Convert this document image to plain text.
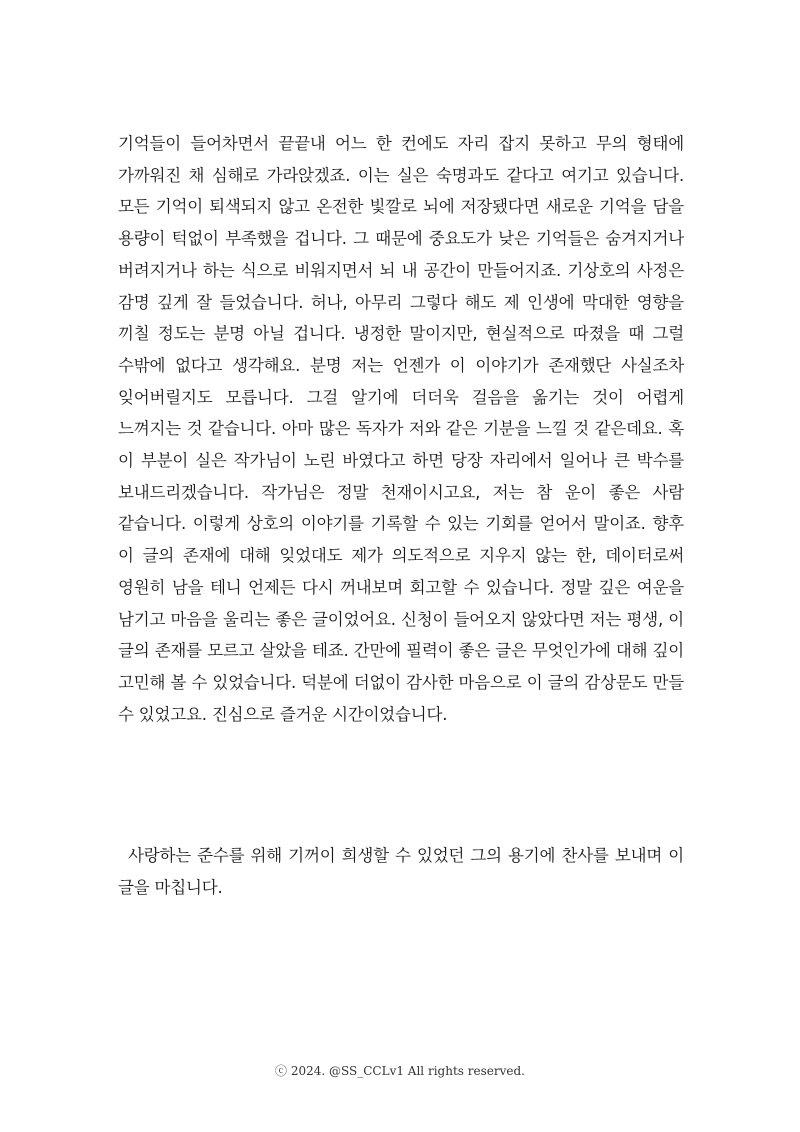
기억들이 들어차면서 끝끝내 어느 한 컨에도 자리 잡지 못하고 무의 형태에 가까워진 채 심해로 가라앉겠죠. 이는 실은 숙명과도 같다고 여기고 있습니다. 모든 기억이 퇴색되지 않고 온전한 빛깔로 뇌에 저장됐다면 새로운 기억을 담을 용량이 턱없이 부족했을 겁니다. 그 때문에 중요도가 낮은 기억들은 숨겨지거나 버려지거나 하는 식으로 비워지면서 뇌 내 공간이 만들어지죠. 기상호의 사정은 감명 깊게 잘 들었습니다. 허나, 아무리 그렇다 해도 제 인생에 막대한 영향을 끼칠 정도는 분명 아닐 겁니다. 냉정한 말이지만, 현실적으로 따졌을 때 그럴 수밖에 없다고 생각해요. 분명 저는 언젠가 이 이야기가 존재했단 사실조차 잊어버릴지도 모릅니다. 그걸 알기에 더더욱 걸음을 옮기는 것이 어렵게 느껴지는 것 같습니다. 아마 많은 독자가 저와 같은 기분을 느낄 것 같은데요. 혹 이 부분이 실은 작가님이 노린 바였다고 하면 당장 자리에서 일어나 큰 박수를 보내드리겠습니다. 작가님은 정말 천재이시고요, 저는 참 운이 좋은 사람 같습니다. 이렇게 상호의 이야기를 기록할 수 있는 기회를 얻어서 말이죠. 향후 이 글의 존재에 대해 잊었대도 제가 의도적으로 지우지 않는 한, 데이터로써 영원히 남을 테니 언제든 다시 꺼내보며 회고할 수 있습니다. 정말 깊은 여운을 남기고 마음을 울리는 좋은 글이었어요. 신청이 들어오지 않았다면 저는 평생, 이 글의 존재를 모르고 살았을 테죠. 간만에 필력이 좋은 글은 무엇인가에 대해 깊이 고민해 볼 수 있었습니다. 덕분에 더없이 감사한 마음으로 이 글의 감상문도 만들 수 있었고요. 진심으로 즐거운 시간이었습니다.

사랑하는 준수를 위해 기꺼이 희생할 수 있었던 그의 용기에 찬사를 보내며 이 글을 마칩니다.

ⓒ 2024. @SS_CCLv1 All rights reserved.
